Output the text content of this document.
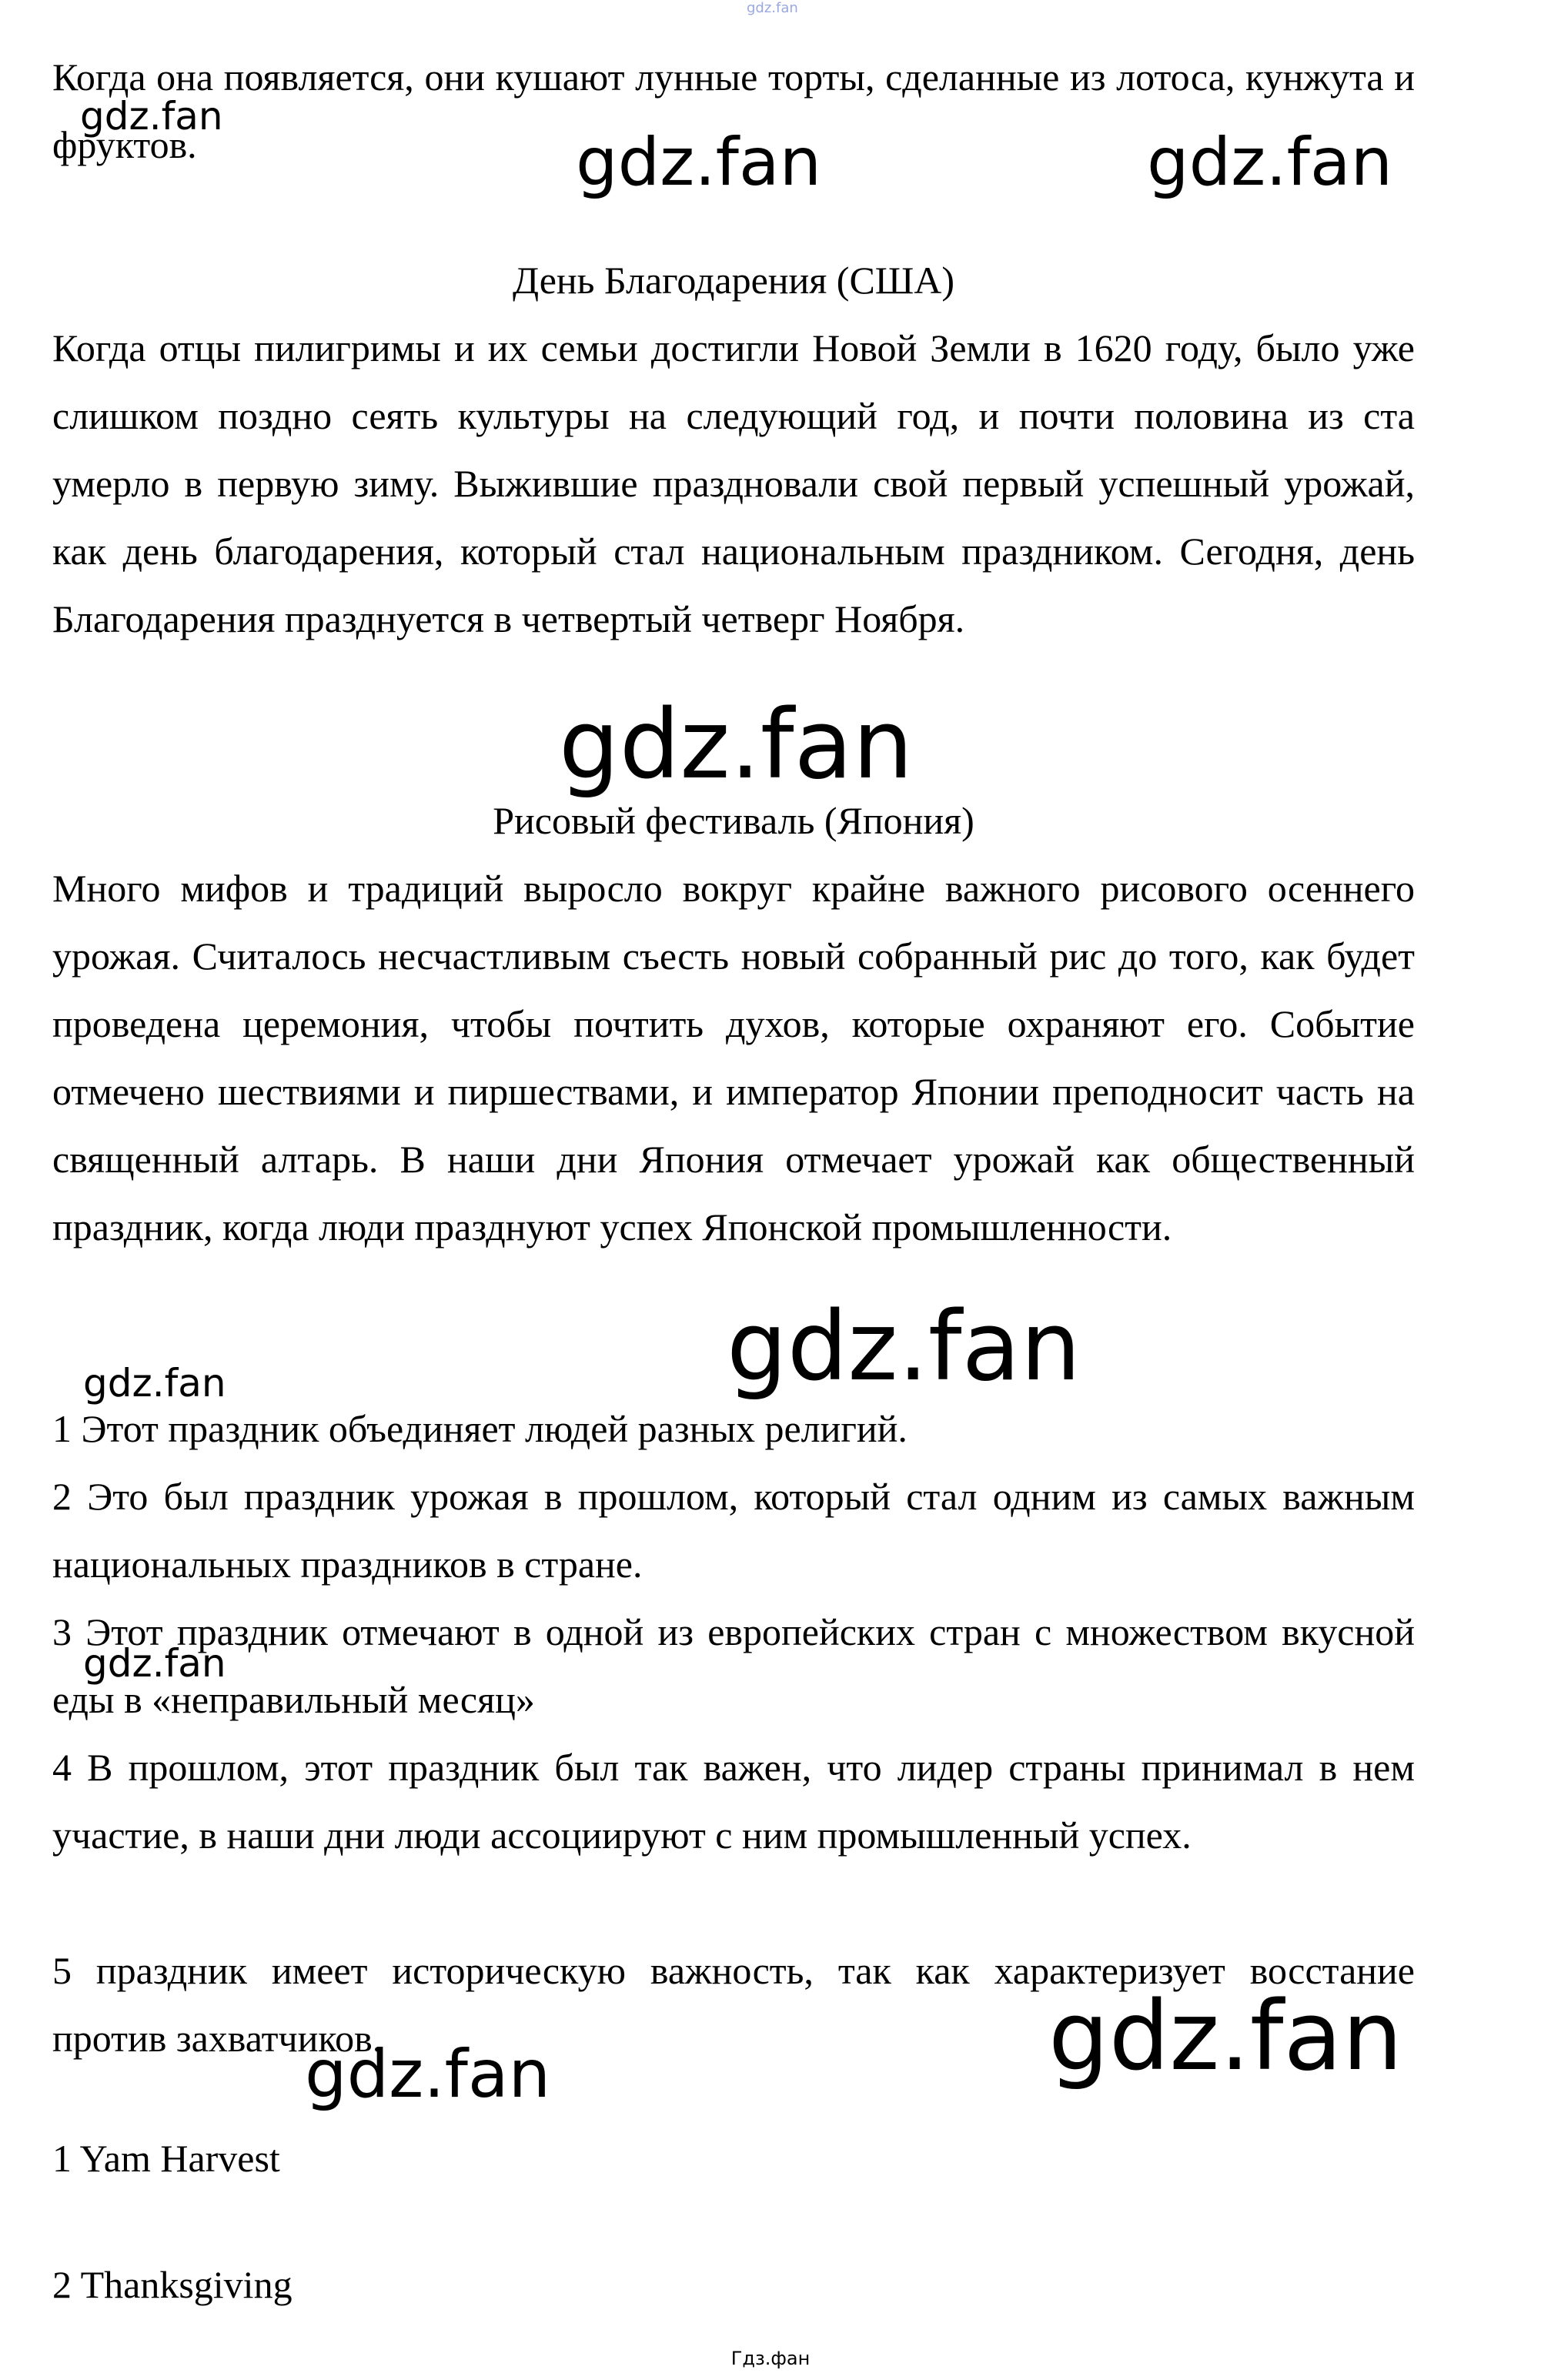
gdz.fan

Когда она появляется, они кушают лунные торты, сделанные из лотоса, кунжута и фруктов.

День Благодарения (США)

Когда отцы пилигримы и их семьи достигли Новой Земли в 1620 году, было уже слишком поздно сеять культуры на следующий год, и почти половина из ста умерло в первую зиму. Выжившие праздновали свой первый успешный урожай, как день благодарения, который стал национальным праздником. Сегодня, день Благодарения празднуется в четвертый четверг Ноября.

Рисовый фестиваль (Япония)

Много мифов и традиций выросло вокруг крайне важного рисового осеннего урожая. Считалось несчастливым съесть новый собранный рис до того, как будет проведена церемония, чтобы почтить духов, которые охраняют его. Событие отмечено шествиями и пиршествами, и император Японии преподносит часть на священный алтарь. В наши дни Япония отмечает урожай как общественный праздник, когда люди празднуют успех Японской промышленности.

1 Этот праздник объединяет людей разных религий.

2 Это был праздник урожая в прошлом, который стал одним из самых важным национальных праздников в стране.

3 Этот праздник отмечают в одной из европейских стран с множеством вкусной еды в «неправильный месяц»

4 В прошлом, этот праздник был так важен, что лидер страны принимал в нем участие, в наши дни люди ассоциируют с ним промышленный успех.

5 праздник имеет историческую важность, так как характеризует восстание против захватчиков.

1 Yam Harvest

2 Thanksgiving

gdz.fan
gdz.fan	gdz.fan
gdz.fan
gdz.fan
gdz.fan
gdz.fan
gdz.fan
gdz.fan
Гдз.фан
